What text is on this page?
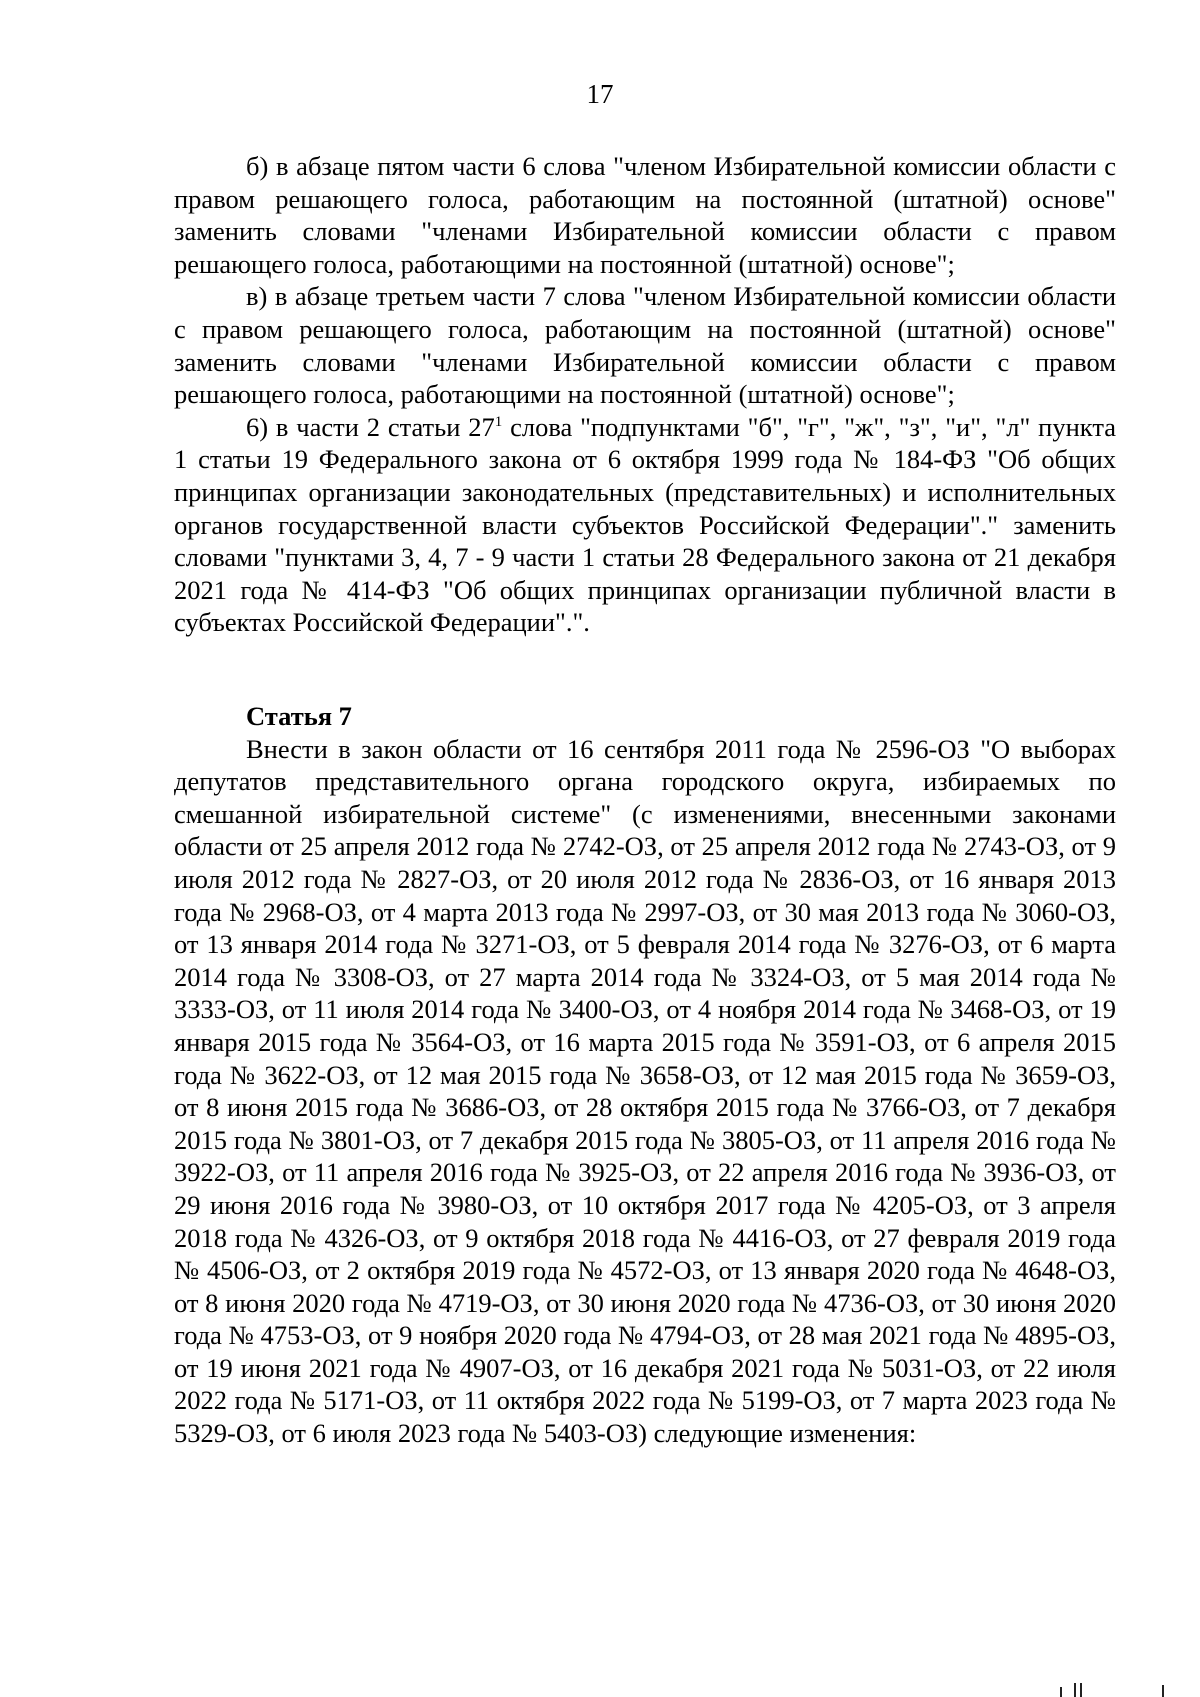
17

б) в абзаце пятом части 6 слова "членом Избирательной комиссии области с правом решающего голоса, работающим на постоянной (штатной) основе" заменить словами "членами Избирательной комиссии области с правом решающего голоса, работающими на постоянной (штатной) основе";

в) в абзаце третьем части 7 слова "членом Избирательной комиссии области с правом решающего голоса, работающим на постоянной (штатной) основе" заменить словами "членами Избирательной комиссии области с правом решающего голоса, работающими на постоянной (штатной) основе";

6) в части 2 статьи $27^1$ слова "подпунктами "б", "г", "ж", "з", "и", "л" пункта 1 статьи 19 Федерального закона от 6 октября 1999 года № 184-ФЗ "Об общих принципах организации законодательных (представительных) и исполнительных органов государственной власти субъектов Российской Федерации"." заменить словами "пунктами 3, 4, 7 - 9 части 1 статьи 28 Федерального закона от 21 декабря 2021 года № 414-ФЗ "Об общих принципах организации публичной власти в субъектах Российской Федерации".".

Статья 7

Внести в закон области от 16 сентября 2011 года № 2596-ОЗ "О выборах депутатов представительного органа городского округа, избираемых по смешанной избирательной системе" (с изменениями, внесенными законами области от 25 апреля 2012 года № 2742-ОЗ, от 25 апреля 2012 года № 2743-ОЗ, от 9 июля 2012 года № 2827-ОЗ, от 20 июля 2012 года № 2836-ОЗ, от 16 января 2013 года № 2968-ОЗ, от 4 марта 2013 года № 2997-ОЗ, от 30 мая 2013 года № 3060-ОЗ, от 13 января 2014 года № 3271-ОЗ, от 5 февраля 2014 года № 3276-ОЗ, от 6 марта 2014 года № 3308-ОЗ, от 27 марта 2014 года № 3324-ОЗ, от 5 мая 2014 года № 3333-ОЗ, от 11 июля 2014 года № 3400-ОЗ, от 4 ноября 2014 года № 3468-ОЗ, от 19 января 2015 года № 3564-ОЗ, от 16 марта 2015 года № 3591-ОЗ, от 6 апреля 2015 года № 3622-ОЗ, от 12 мая 2015 года № 3658-ОЗ, от 12 мая 2015 года № 3659-ОЗ, от 8 июня 2015 года № 3686-ОЗ, от 28 октября 2015 года № 3766-ОЗ, от 7 декабря 2015 года № 3801-ОЗ, от 7 декабря 2015 года № 3805-ОЗ, от 11 апреля 2016 года № 3922-ОЗ, от 11 апреля 2016 года № 3925-ОЗ, от 22 апреля 2016 года № 3936-ОЗ, от 29 июня 2016 года № 3980-ОЗ, от 10 октября 2017 года № 4205-ОЗ, от 3 апреля 2018 года № 4326-ОЗ, от 9 октября 2018 года № 4416-ОЗ, от 27 февраля 2019 года № 4506-ОЗ, от 2 октября 2019 года № 4572-ОЗ, от 13 января 2020 года № 4648-ОЗ, от 8 июня 2020 года № 4719-ОЗ, от 30 июня 2020 года № 4736-ОЗ, от 30 июня 2020 года № 4753-ОЗ, от 9 ноября 2020 года № 4794-ОЗ, от 28 мая 2021 года № 4895-ОЗ, от 19 июня 2021 года № 4907-ОЗ, от 16 декабря 2021 года № 5031-ОЗ, от 22 июля 2022 года № 5171-ОЗ, от 11 октября 2022 года № 5199-ОЗ, от 7 марта 2023 года № 5329-ОЗ, от 6 июля 2023 года № 5403-ОЗ) следующие изменения:
